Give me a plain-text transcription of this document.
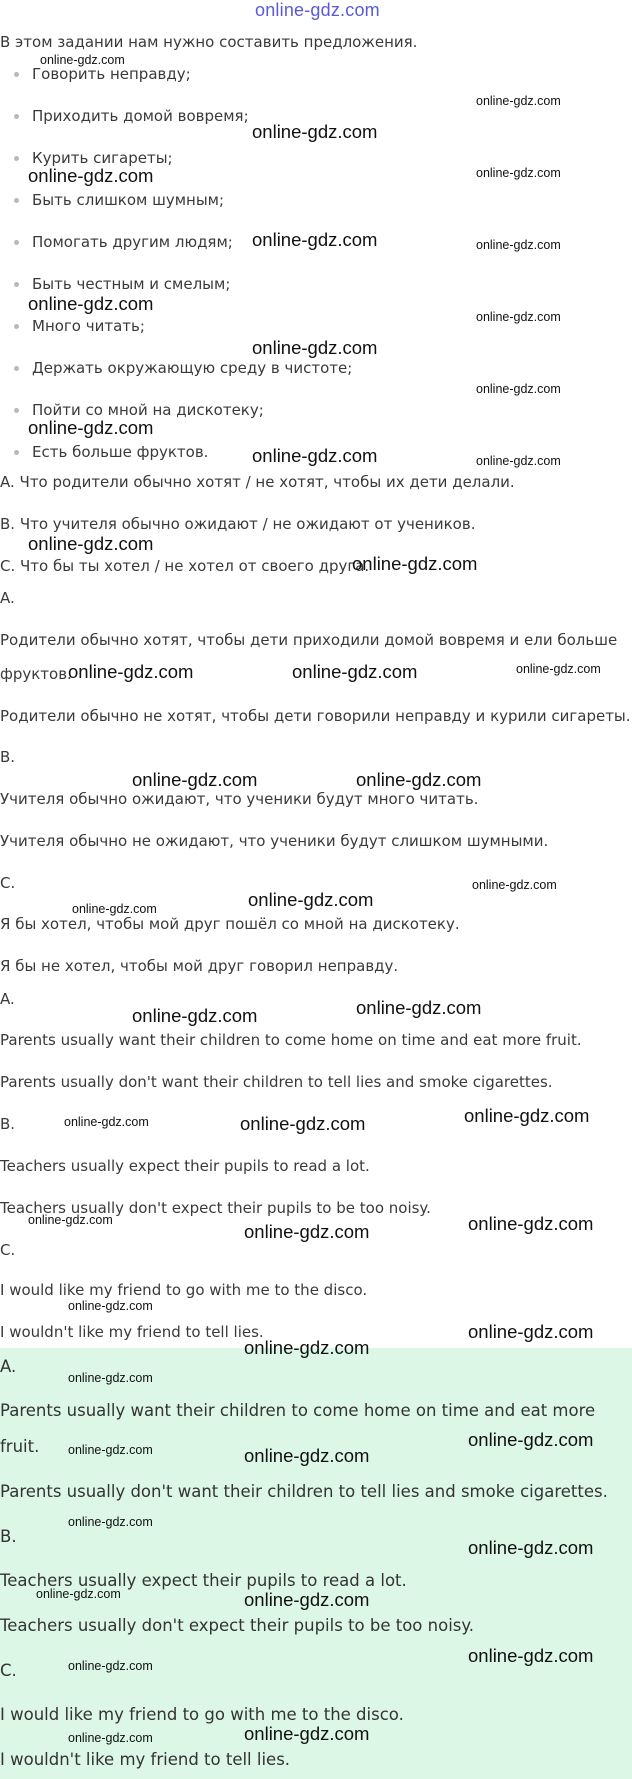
online-gdz.com
В этом задании нам нужно составить предложения.
Говорить неправду;
Приходить домой вовремя;
Курить сигареты;
Быть слишком шумным;
Помогать другим людям;
Быть честным и смелым;
Много читать;
Держать окружающую среду в чистоте;
Пойти со мной на дискотеку;
Есть больше фруктов.
A. Что родители обычно хотят / не хотят, чтобы их дети делали.
B. Что учителя обычно ожидают / не ожидают от учеников.
C. Что бы ты хотел / не хотел от своего друга.
A.
Родители обычно хотят, чтобы дети приходили домой вовремя и ели больше
фруктов.
Родители обычно не хотят, чтобы дети говорили неправду и курили сигареты.
B.
Учителя обычно ожидают, что ученики будут много читать.
Учителя обычно не ожидают, что ученики будут слишком шумными.
C.
Я бы хотел, чтобы мой друг пошёл со мной на дискотеку.
Я бы не хотел, чтобы мой друг говорил неправду.
A.
Parents usually want their children to come home on time and eat more fruit.
Parents usually don't want their children to tell lies and smoke cigarettes.
B.
Teachers usually expect their pupils to read a lot.
Teachers usually don't expect their pupils to be too noisy.
C.
I would like my friend to go with me to the disco.
I wouldn't like my friend to tell lies.
A.
Parents usually want their children to come home on time and eat more
fruit.
Parents usually don't want their children to tell lies and smoke cigarettes.
B.
Teachers usually expect their pupils to read a lot.
Teachers usually don't expect their pupils to be too noisy.
C.
I would like my friend to go with me to the disco.
I wouldn't like my friend to tell lies.
online-gdz.com
online-gdz.com
online-gdz.com
online-gdz.com	online-gdz.com
online-gdz.com	online-gdz.com
online-gdz.com
online-gdz.com
online-gdz.com
online-gdz.com
online-gdz.com
online-gdz.com	online-gdz.com
online-gdz.com
online-gdz.com
online-gdz.com	online-gdz.com	online-gdz.com
online-gdz.com	online-gdz.com
online-gdz.com
online-gdz.com
online-gdz.com
online-gdz.com
online-gdz.com
online-gdz.com
online-gdz.com	online-gdz.com
online-gdz.com	online-gdz.com
online-gdz.com
online-gdz.com
online-gdz.com
online-gdz.com
online-gdz.com
online-gdz.com
online-gdz.com	online-gdz.com
online-gdz.com
online-gdz.com
online-gdz.com	online-gdz.com
online-gdz.com	online-gdz.com
online-gdz.com
online-gdz.com
